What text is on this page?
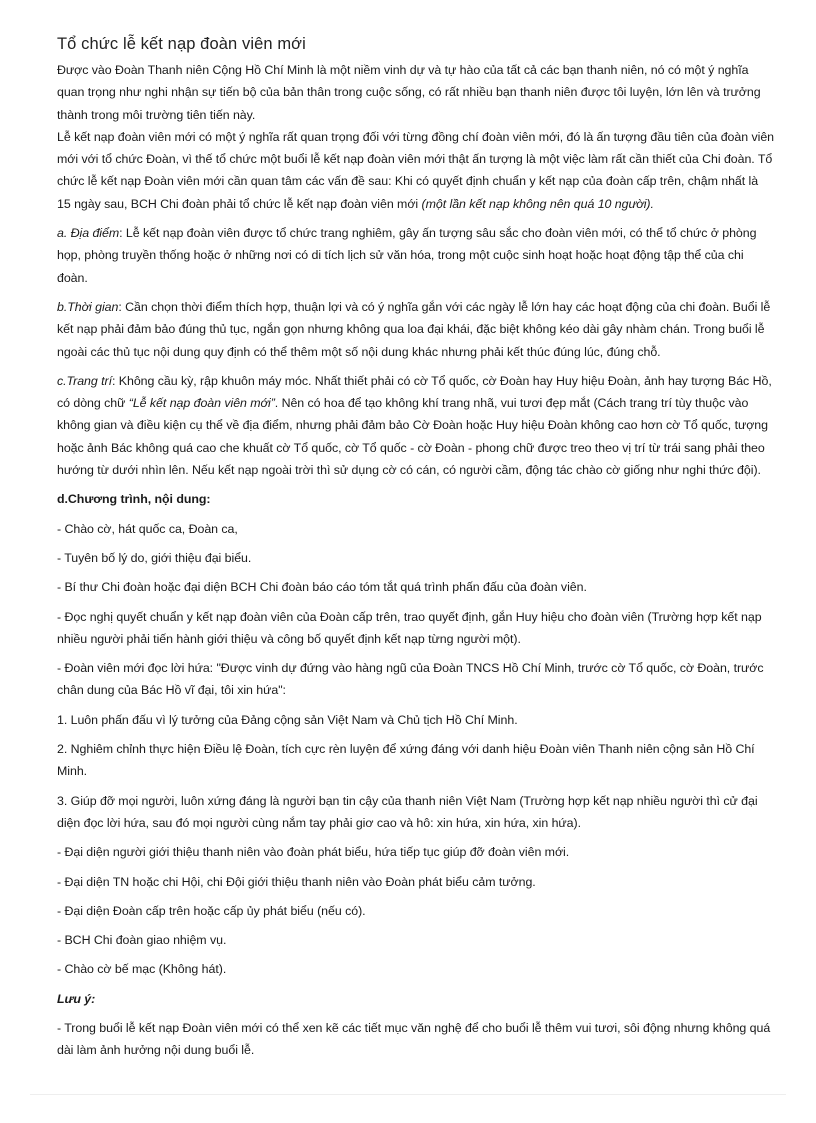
Tổ chức lễ kết nạp đoàn viên mới

Được vào Đoàn Thanh niên Cộng Hồ Chí Minh là một niềm vinh dự và tự hào của tất cả các bạn thanh niên, nó có một ý nghĩa quan trọng như nghi nhận sự tiến bộ của bản thân trong cuộc sống, có rất nhiều bạn thanh niên được tôi luyện, lớn lên và trưởng thành trong môi trường tiên tiến này.

Lễ kết nạp đoàn viên mới có một ý nghĩa rất quan trọng đối với từng đồng chí đoàn viên mới, đó là ấn tượng đầu tiên của đoàn viên mới với tổ chức Đoàn, vì thế tổ chức một buổi lễ kết nạp đoàn viên mới thật ấn tượng là một việc làm rất cần thiết của Chi đoàn. Tổ chức lễ kết nạp Đoàn viên mới cần quan tâm các vấn đề sau: Khi có quyết định chuẩn y kết nạp của đoàn cấp trên, chậm nhất là 15 ngày sau, BCH Chi đoàn phải tổ chức lễ kết nạp đoàn viên mới (một lần kết nạp không nên quá 10 người).

a. Địa điểm: Lễ kết nạp đoàn viên được tổ chức trang nghiêm, gây ấn tượng sâu sắc cho đoàn viên mới, có thể tổ chức ở phòng họp, phòng truyền thống hoặc ở những nơi có di tích lịch sử văn hóa, trong một cuộc sinh hoạt hoặc hoạt động tập thể của chi đoàn.

b.Thời gian: Cần chọn thời điểm thích hợp, thuận lợi và có ý nghĩa gắn với các ngày lễ lớn hay các hoạt động của chi đoàn. Buổi lễ kết nạp phải đảm bảo đúng thủ tục, ngắn gọn nhưng không qua loa đại khái, đặc biệt không kéo dài gây nhàm chán. Trong buổi lễ ngoài các thủ tục nội dung quy định có thể thêm một số nội dung khác nhưng phải kết thúc đúng lúc, đúng chỗ.

c.Trang trí: Không cầu kỳ, rập khuôn máy móc. Nhất thiết phải có cờ Tổ quốc, cờ Đoàn hay Huy hiệu Đoàn, ảnh hay tượng Bác Hồ, có dòng chữ “Lễ kết nạp đoàn viên mới”. Nên có hoa để tạo không khí trang nhã, vui tươi đẹp mắt (Cách trang trí tùy thuộc vào không gian và điều kiện cụ thể về địa điểm, nhưng phải đảm bảo Cờ Đoàn hoặc Huy hiệu Đoàn không cao hơn cờ Tổ quốc, tượng hoặc ảnh Bác không quá cao che khuất cờ Tổ quốc, cờ Tổ quốc - cờ Đoàn - phong chữ được treo theo vị trí từ trái sang phải theo hướng từ dưới nhìn lên. Nếu kết nạp ngoài trời thì sử dụng cờ có cán, có người cầm, động tác chào cờ giống như nghi thức đội).

d.Chương trình, nội dung:

- Chào cờ, hát quốc ca, Đoàn ca,

- Tuyên bố lý do, giới thiệu đại biểu.

- Bí thư Chi đoàn hoặc đại diện BCH Chi đoàn báo cáo tóm tắt quá trình phấn đấu của đoàn viên.

- Đọc nghị quyết chuẩn y kết nạp đoàn viên của Đoàn cấp trên, trao quyết định, gắn Huy hiệu cho đoàn viên (Trường hợp kết nạp nhiều người phải tiến hành giới thiệu và công bố quyết định kết nạp từng người một).

- Đoàn viên mới đọc lời hứa: "Được vinh dự đứng vào hàng ngũ của Đoàn TNCS Hồ Chí Minh, trước cờ Tổ quốc, cờ Đoàn, trước chân dung của Bác Hồ vĩ đại, tôi xin hứa":

1. Luôn phấn đấu vì lý tưởng của Đảng cộng sản Việt Nam và Chủ tịch Hồ Chí Minh.

2. Nghiêm chỉnh thực hiện Điều lệ Đoàn, tích cực rèn luyện để xứng đáng với danh hiệu Đoàn viên Thanh niên cộng sản Hồ Chí Minh.

3. Giúp đỡ mọi người, luôn xứng đáng là người bạn tin cậy của thanh niên Việt Nam (Trường hợp kết nạp nhiều người thì cử đại diện đọc lời hứa, sau đó mọi người cùng nắm tay phải giơ cao và hô: xin hứa, xin hứa, xin hứa).

- Đại diện người giới thiệu thanh niên vào đoàn phát biểu, hứa tiếp tục giúp đỡ đoàn viên mới.

- Đại diện TN hoặc chi Hội, chi Đội giới thiệu thanh niên vào Đoàn phát biểu cảm tưởng.

- Đại diện Đoàn cấp trên hoặc cấp ủy phát biểu (nếu có).

- BCH Chi đoàn giao nhiệm vụ.

- Chào cờ bế mạc (Không hát).

Lưu ý:

- Trong buổi lễ kết nạp Đoàn viên mới có thể xen kẽ các tiết mục văn nghệ để cho buổi lễ thêm vui tươi, sôi động nhưng không quá dài làm ảnh hưởng nội dung buổi lễ.
